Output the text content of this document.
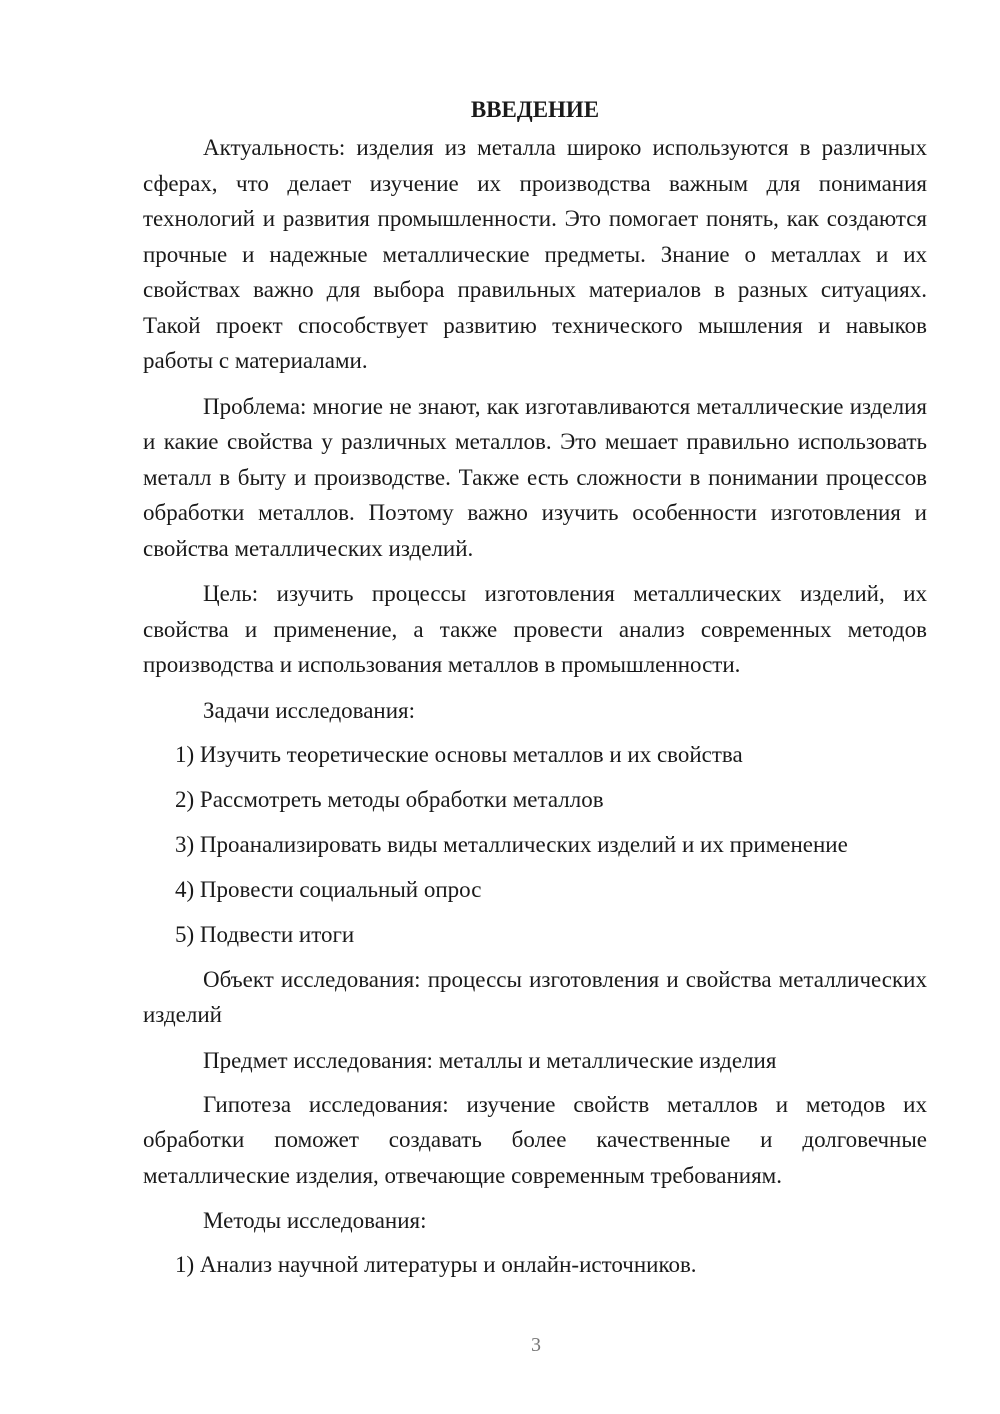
ВВЕДЕНИЕ

Актуальность: изделия из металла широко используются в различных сферах, что делает изучение их производства важным для понимания технологий и развития промышленности. Это помогает понять, как создаются прочные и надежные металлические предметы. Знание о металлах и их свойствах важно для выбора правильных материалов в разных ситуациях. Такой проект способствует развитию технического мышления и навыков работы с материалами.

Проблема: многие не знают, как изготавливаются металлические изделия и какие свойства у различных металлов. Это мешает правильно использовать металл в быту и производстве. Также есть сложности в понимании процессов обработки металлов. Поэтому важно изучить особенности изготовления и свойства металлических изделий.

Цель: изучить процессы изготовления металлических изделий, их свойства и применение, а также провести анализ современных методов производства и использования металлов в промышленности.

Задачи исследования:

1) Изучить теоретические основы металлов и их свойства
2) Рассмотреть методы обработки металлов
3) Проанализировать виды металлических изделий и их применение
4) Провести социальный опрос
5) Подвести итоги

Объект исследования: процессы изготовления и свойства металлических изделий

Предмет исследования: металлы и металлические изделия

Гипотеза исследования: изучение свойств металлов и методов их обработки поможет создавать более качественные и долговечные металлические изделия, отвечающие современным требованиям.

Методы исследования:

1) Анализ научной литературы и онлайн-источников.
3
